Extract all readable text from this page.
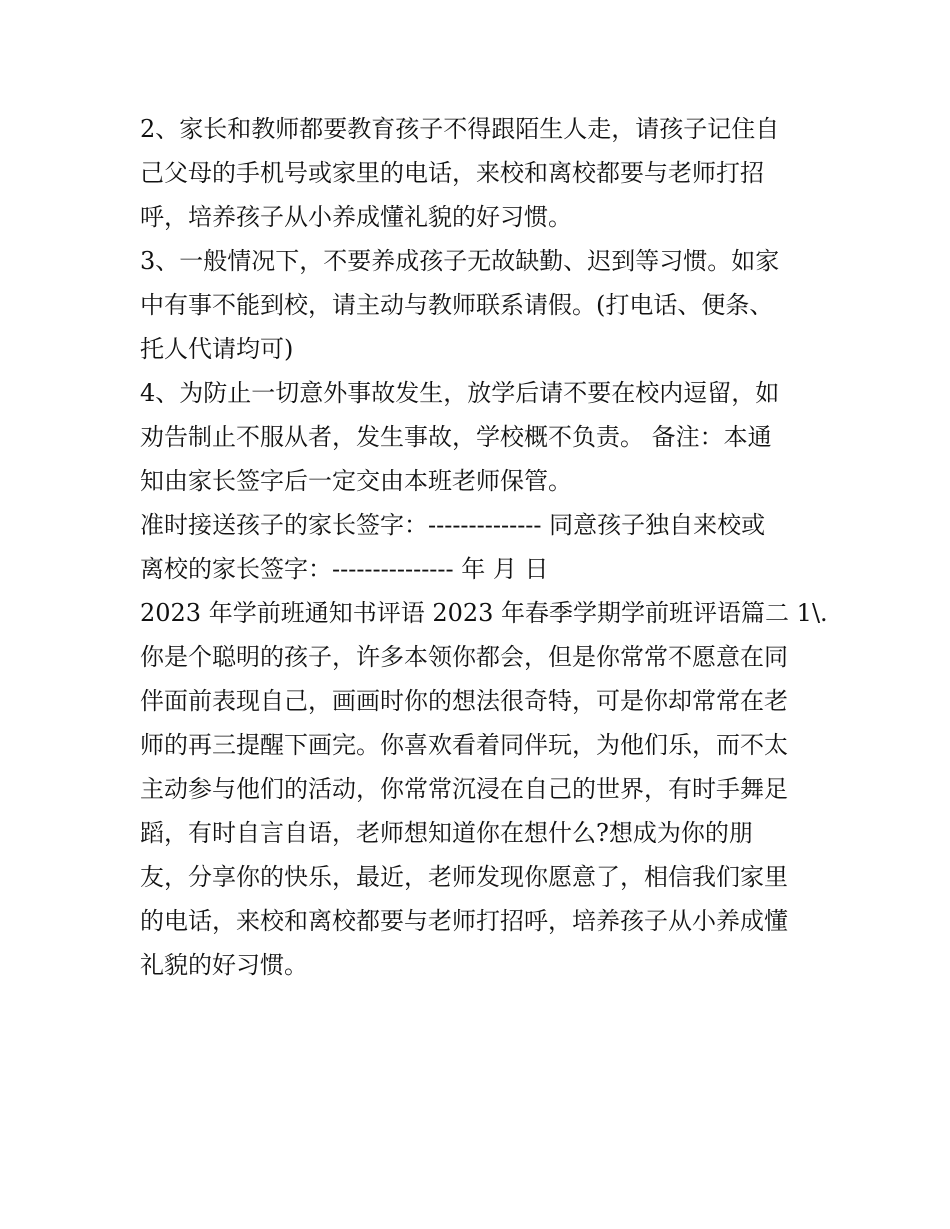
2、家长和教师都要教育孩子不得跟陌生人走，请孩子记住自

己父母的手机号或家里的电话，来校和离校都要与老师打招

呼，培养孩子从小养成懂礼貌的好习惯。

3、一般情况下，不要养成孩子无故缺勤、迟到等习惯。如家

中有事不能到校，请主动与教师联系请假。(打电话、便条、

托人代请均可)

4、为防止一切意外事故发生，放学后请不要在校内逗留，如

劝告制止不服从者，发生事故，学校概不负责。 备注：本通

知由家长签字后一定交由本班老师保管。

准时接送孩子的家长签字：-------------- 同意孩子独自来校或

离校的家长签字：--------------- 年 月 日

2023 年学前班通知书评语 2023 年春季学期学前班评语篇二 1\.

你是个聪明的孩子，许多本领你都会，但是你常常不愿意在同

伴面前表现自己，画画时你的想法很奇特，可是你却常常在老

师的再三提醒下画完。你喜欢看着同伴玩，为他们乐，而不太

主动参与他们的活动，你常常沉浸在自己的世界，有时手舞足

蹈，有时自言自语，老师想知道你在想什么?想成为你的朋

友，分享你的快乐，最近，老师发现你愿意了，相信我们家里

的电话，来校和离校都要与老师打招呼，培养孩子从小养成懂

礼貌的好习惯。
